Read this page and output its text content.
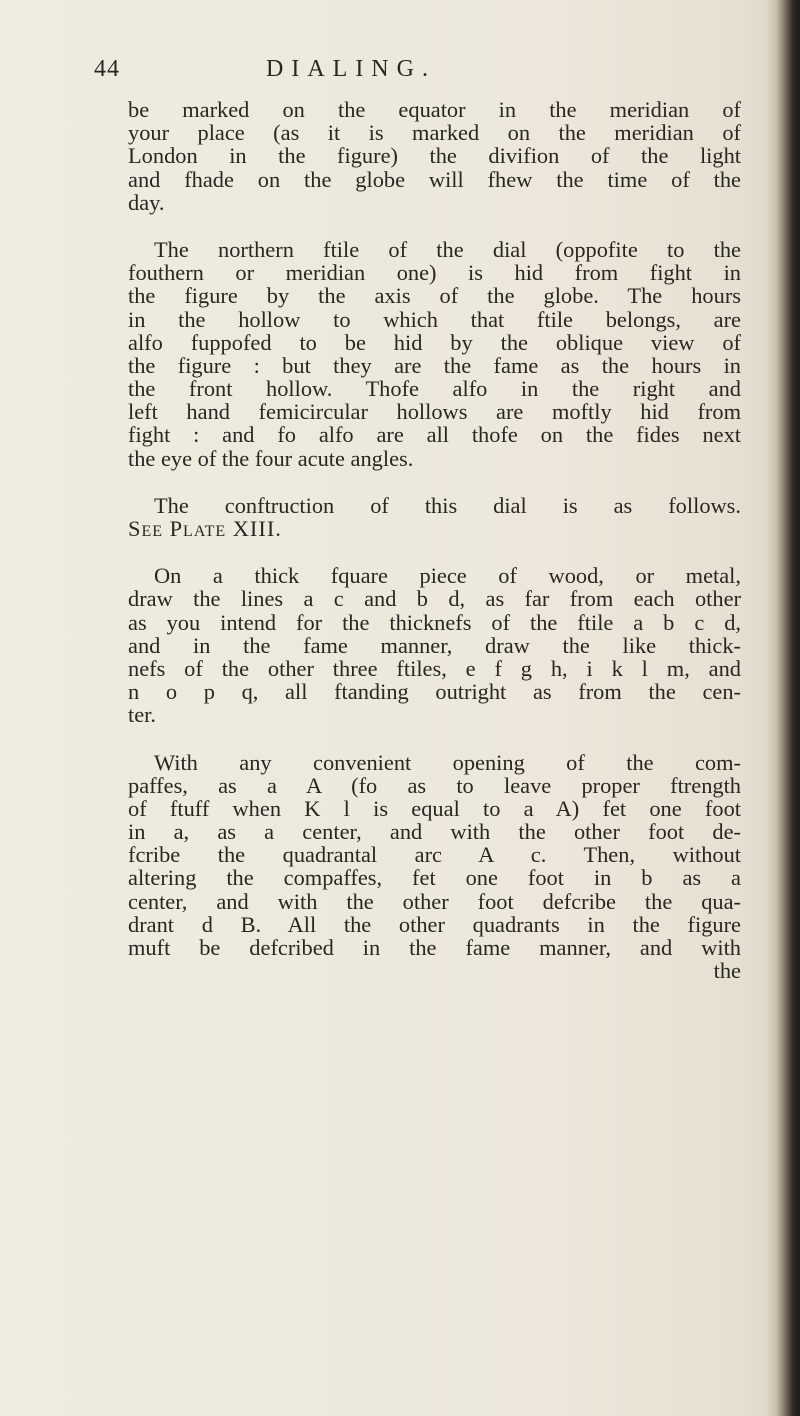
44	DIALING.
be marked on the equator in the meridian of
your place (as it is marked on the meridian of
London in the figure) the divifion of the light
and fhade on the globe will fhew the time of the
day.
The northern ftile of the dial (oppofite to the
fouthern or meridian one) is hid from fight in
the figure by the axis of the globe. The hours
in the hollow to which that ftile belongs, are
alfo fuppofed to be hid by the oblique view of
the figure : but they are the fame as the hours in
the front hollow. Thofe alfo in the right and
left hand femicircular hollows are moftly hid from
fight : and fo alfo are all thofe on the fides next
the eye of the four acute angles.
The conftruction of this dial is as follows.
See Plate XIII.
On a thick fquare piece of wood, or metal,
draw the lines a c and b d, as far from each other
as you intend for the thicknefs of the ftile a b c d,
and in the fame manner, draw the like thick-
nefs of the other three ftiles, e f g h, i k l m, and
n o p q, all ftanding outright as from the cen-
ter.
With any convenient opening of the com-
paffes, as a A (fo as to leave proper ftrength
of ftuff when K l is equal to a A) fet one foot
in a, as a center, and with the other foot de-
fcribe the quadrantal arc A c. Then, without
altering the compaffes, fet one foot in b as a
center, and with the other foot defcribe the qua-
drant d B. All the other quadrants in the figure
muft be defcribed in the fame manner, and with
the
